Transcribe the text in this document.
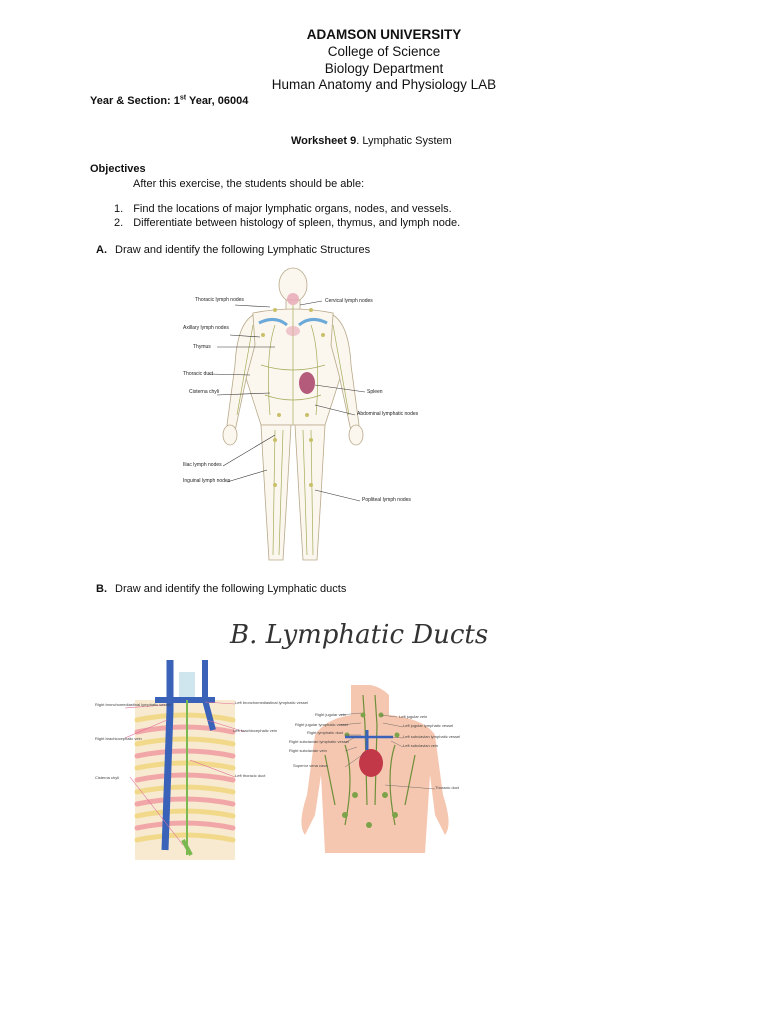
ADAMSON UNIVERSITY
College of Science
Biology Department
Human Anatomy and Physiology LAB
Year & Section: 1st Year, 06004
Worksheet 9. Lymphatic System
Objectives
After this exercise, the students should be able:
1. Find the locations of major lymphatic organs, nodes, and vessels.
2. Differentiate between histology of spleen, thymus, and lymph node.
A. Draw and identify the following Lymphatic Structures
Thoracic lymph nodes
Axillary lymph nodes
Thymus
Thoracic duct
Cisterna chyli
Iliac lymph nodes
Inguinal lymph nodes
Cervical lymph nodes
Spleen
Abdominal lymphatic nodes
Popliteal lymph nodes
B. Draw and identify the following Lymphatic ducts
B. Lymphatic Ducts
Right bronchomediastinal lymphatic vessel
Right brachiocephalic vein
Cisterna chyli
Left bronchomediastinal lymphatic vessel
Left brachiocephalic vein
Left thoracic duct
Right jugular vein
Right jugular lymphatic vessel
Right lymphatic duct
Right subclavian lymphatic vessel
Right subclavian vein
Superior vena cava
Left jugular vein
Left jugular lymphatic vessel
Left subclavian lymphatic vessel
Left subclavian vein
Thoracic duct
